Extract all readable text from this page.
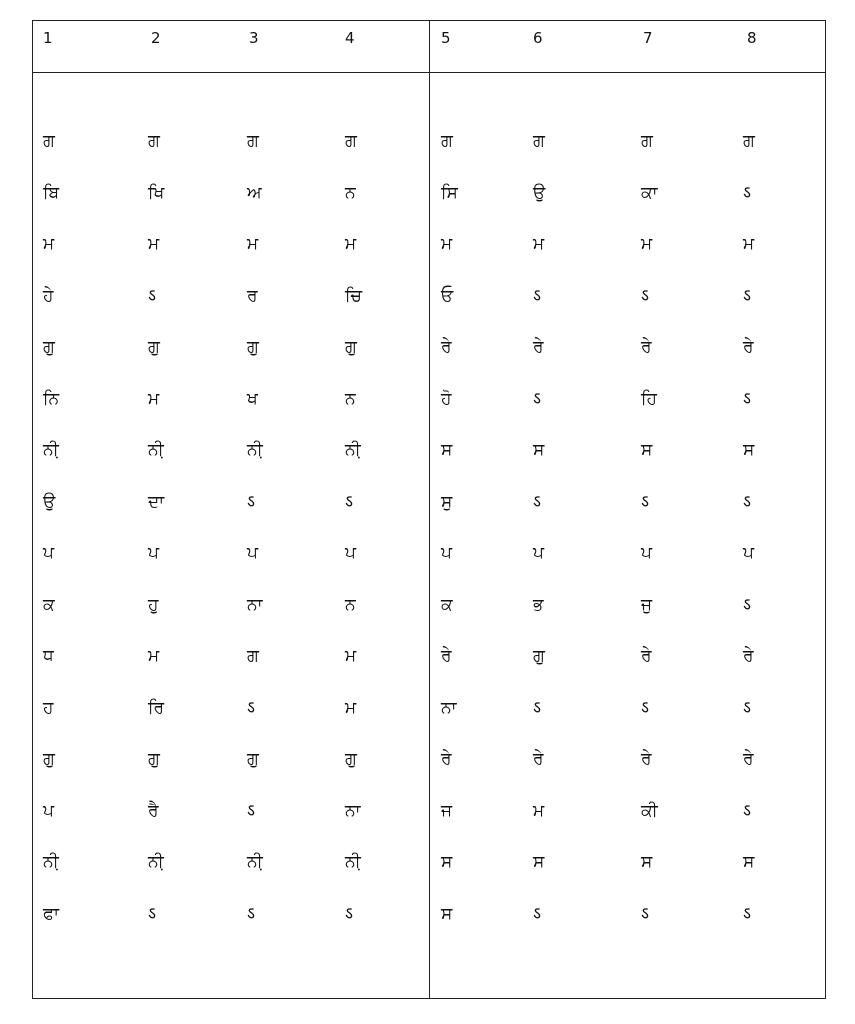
1	2	3	4	5	6	7	8
ਗ	ਗ	ਗ	ਗ	ਗ	ਗ	ਗ	ਗ
ਬਿ	ਖਿ	ਅ	ਨ	ਸਿ	ਉ	ਕਾ	ऽ
ਮ	ਮ	ਮ	ਮ	ਮ	ਮ	ਮ	ਮ
ਹੇ	ऽ	ਰ	ਚਿ	ਓ	ऽ	ऽ	ऽ
ਗੁ	ਗੁ	ਗੁ	ਗੁ	ਰੇ	ਰੇ	ਰੇ	ਰੇ
ਨਿ	ਮ	ਖ	ਨ	ਹੋ	ऽ	ਹਿ	ऽ
ਨੀ਼	ਨੀ਼	ਨੀ਼	ਨੀ਼	ਸ	ਸ	ਸ	ਸ
ਉ	ਦਾ	ऽ	ऽ	ਸੁ	ऽ	ऽ	ऽ
ਪ	ਪ	ਪ	ਪ	ਪ	ਪ	ਪ	ਪ
ਕ	ਹੁ	ਨਾ	ਨ	ਕ	ਭ	ਜੁ	ऽ
ਧ	ਮ	ਗ	ਮ	ਰੇ	ਗੁ	ਰੇ	ਰੇ
ਹ	ਰਿ	ऽ	ਮ	ਨਾ	ऽ	ऽ	ऽ
ਗੁ	ਗੁ	ਗੁ	ਗੁ	ਰੇ	ਰੇ	ਰੇ	ਰੇ
ਪ	ਰੈ	ऽ	ਨਾ	ਜ	ਮ	ਕੀ	ऽ
ਨੀ਼	ਨੀ਼	ਨੀ਼	ਨੀ਼	ਸ	ਸ	ਸ	ਸ
ਫਾ	ऽ	ऽ	ऽ	ਸ	ऽ	ऽ	ऽ
